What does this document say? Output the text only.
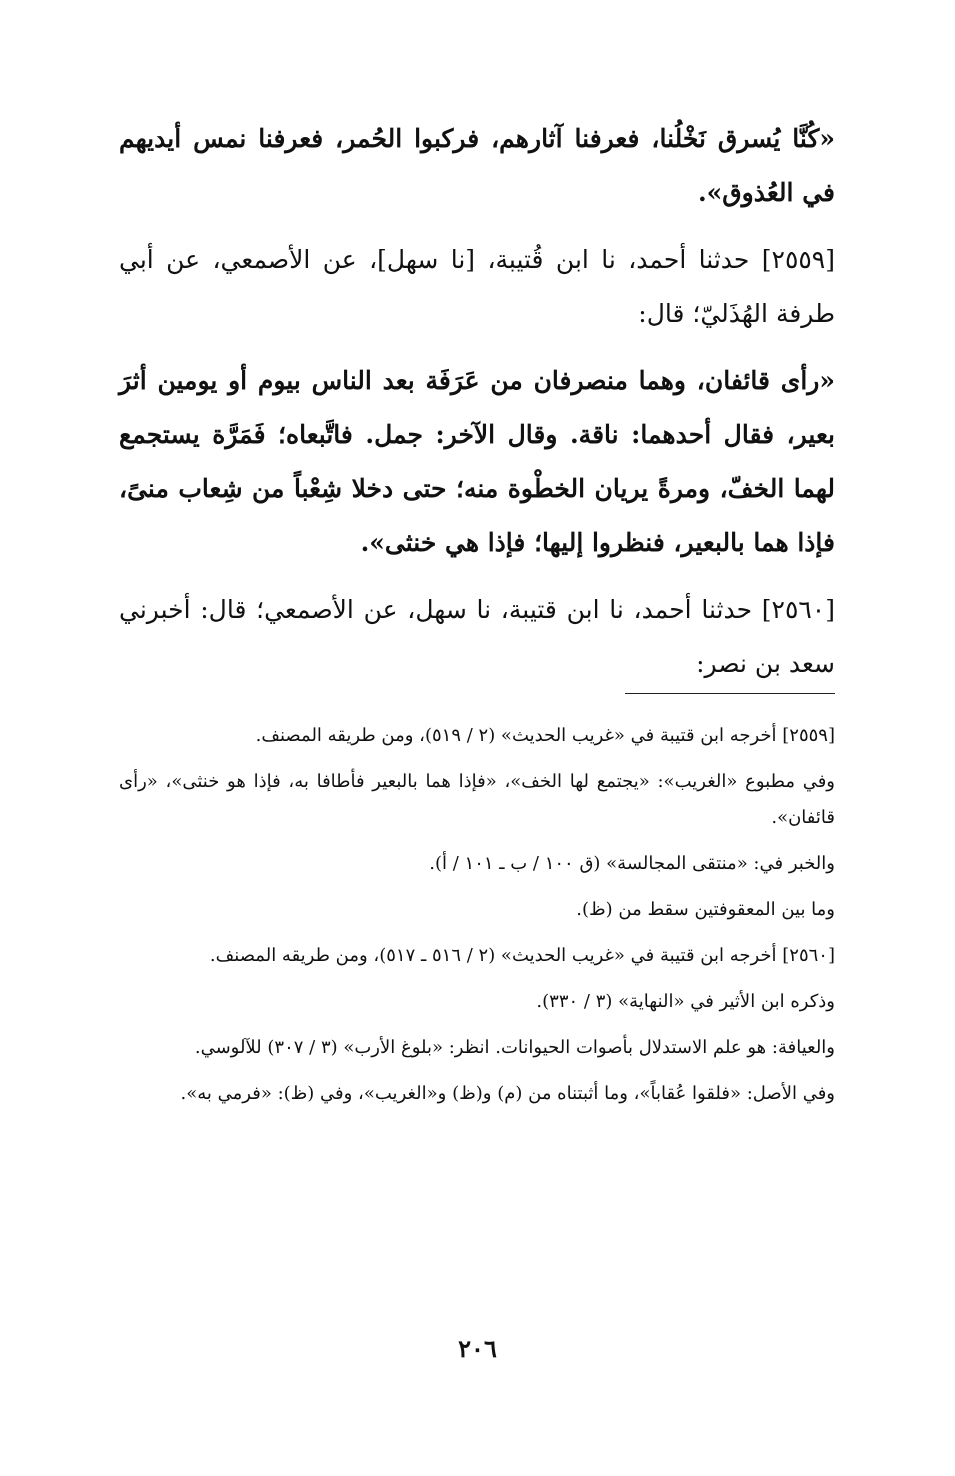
«كُنَّا يُسرق نَخْلُنا، فعرفنا آثارهم، فركبوا الحُمر، فعرفنا نمس أيديهم في العُذوق».

[٢٥٥٩] حدثنا أحمد، نا ابن قُتيبة، [نا سهل]، عن الأصمعي، عن أبي طرفة الهُذَليّ؛ قال:

«رأى قائفان، وهما منصرفان من عَرَفَة بعد الناس بيوم أو يومين أثرَ بعير، فقال أحدهما: ناقة. وقال الآخر: جمل. فاتَّبعاه؛ فَمَرَّة يستجمع لهما الخفّ، ومرةً يريان الخطْوة منه؛ حتى دخلا شِعْباً من شِعاب منىً، فإذا هما بالبعير، فنظروا إليها؛ فإذا هي خنثى».

[٢٥٦٠] حدثنا أحمد، نا ابن قتيبة، نا سهل، عن الأصمعي؛ قال: أخبرني سعد بن نصر:

[٢٥٥٩] أخرجه ابن قتيبة في «غريب الحديث» (٢ / ٥١٩)، ومن طريقه المصنف.

وفي مطبوع «الغريب»: «يجتمع لها الخف»، «فإذا هما بالبعير فأطافا به، فإذا هو خنثى»، «رأى قائفان».

والخبر في: «منتقى المجالسة» (ق ١٠٠ / ب ـ ١٠١ / أ).

وما بين المعقوفتين سقط من (ظ).

[٢٥٦٠] أخرجه ابن قتيبة في «غريب الحديث» (٢ / ٥١٦ ـ ٥١٧)، ومن طريقه المصنف.

وذكره ابن الأثير في «النهاية» (٣ / ٣٣٠).

والعيافة: هو علم الاستدلال بأصوات الحيوانات. انظر: «بلوغ الأرب» (٣ / ٣٠٧) للآلوسي.

وفي الأصل: «فلقوا عُقاباً»، وما أثبتناه من (م) و(ظ) و«الغريب»، وفي (ظ): «فرمي به».

٢٠٦
